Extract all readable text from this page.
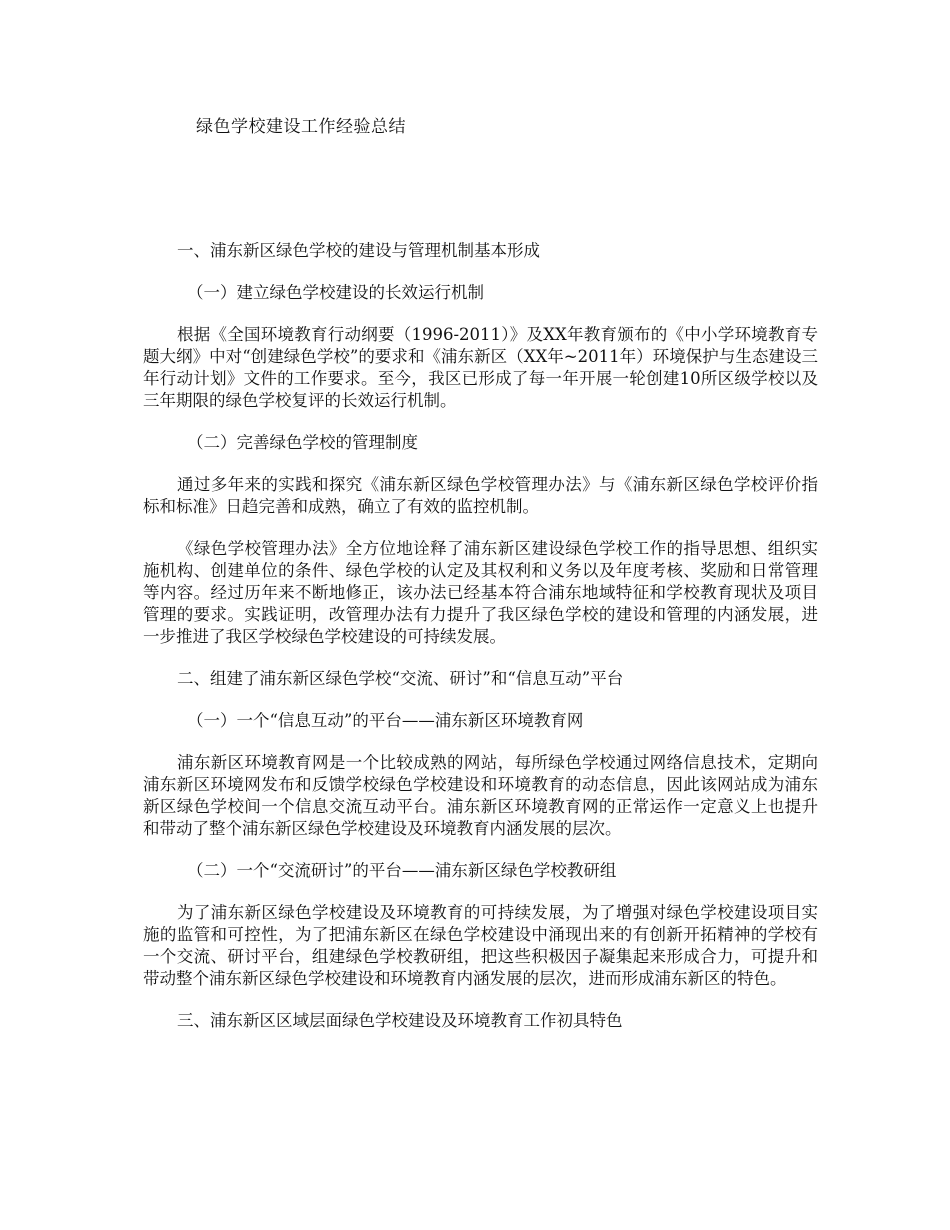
绿色学校建设工作经验总结

一、浦东新区绿色学校的建设与管理机制基本形成

（一）建立绿色学校建设的长效运行机制

根据《全国环境教育行动纲要（1996-2011）》及XX年教育颁布的《中小学环境教育专题大纲》中对“创建绿色学校”的要求和《浦东新区（XX年~2011年）环境保护与生态建设三年行动计划》文件的工作要求。至今，我区已形成了每一年开展一轮创建10所区级学校以及三年期限的绿色学校复评的长效运行机制。

（二）完善绿色学校的管理制度

通过多年来的实践和探究《浦东新区绿色学校管理办法》与《浦东新区绿色学校评价指标和标准》日趋完善和成熟，确立了有效的监控机制。

《绿色学校管理办法》全方位地诠释了浦东新区建设绿色学校工作的指导思想、组织实施机构、创建单位的条件、绿色学校的认定及其权利和义务以及年度考核、奖励和日常管理等内容。经过历年来不断地修正，该办法已经基本符合浦东地域特征和学校教育现状及项目管理的要求。实践证明，改管理办法有力提升了我区绿色学校的建设和管理的内涵发展，进一步推进了我区学校绿色学校建设的可持续发展。

二、组建了浦东新区绿色学校“交流、研讨”和“信息互动”平台

（一）一个“信息互动”的平台——浦东新区环境教育网

浦东新区环境教育网是一个比较成熟的网站，每所绿色学校通过网络信息技术，定期向浦东新区环境网发布和反馈学校绿色学校建设和环境教育的动态信息，因此该网站成为浦东新区绿色学校间一个信息交流互动平台。浦东新区环境教育网的正常运作一定意义上也提升和带动了整个浦东新区绿色学校建设及环境教育内涵发展的层次。

（二）一个“交流研讨”的平台——浦东新区绿色学校教研组

为了浦东新区绿色学校建设及环境教育的可持续发展，为了增强对绿色学校建设项目实施的监管和可控性，为了把浦东新区在绿色学校建设中涌现出来的有创新开拓精神的学校有一个交流、研讨平台，组建绿色学校教研组，把这些积极因子凝集起来形成合力，可提升和带动整个浦东新区绿色学校建设和环境教育内涵发展的层次，进而形成浦东新区的特色。

三、浦东新区区域层面绿色学校建设及环境教育工作初具特色
